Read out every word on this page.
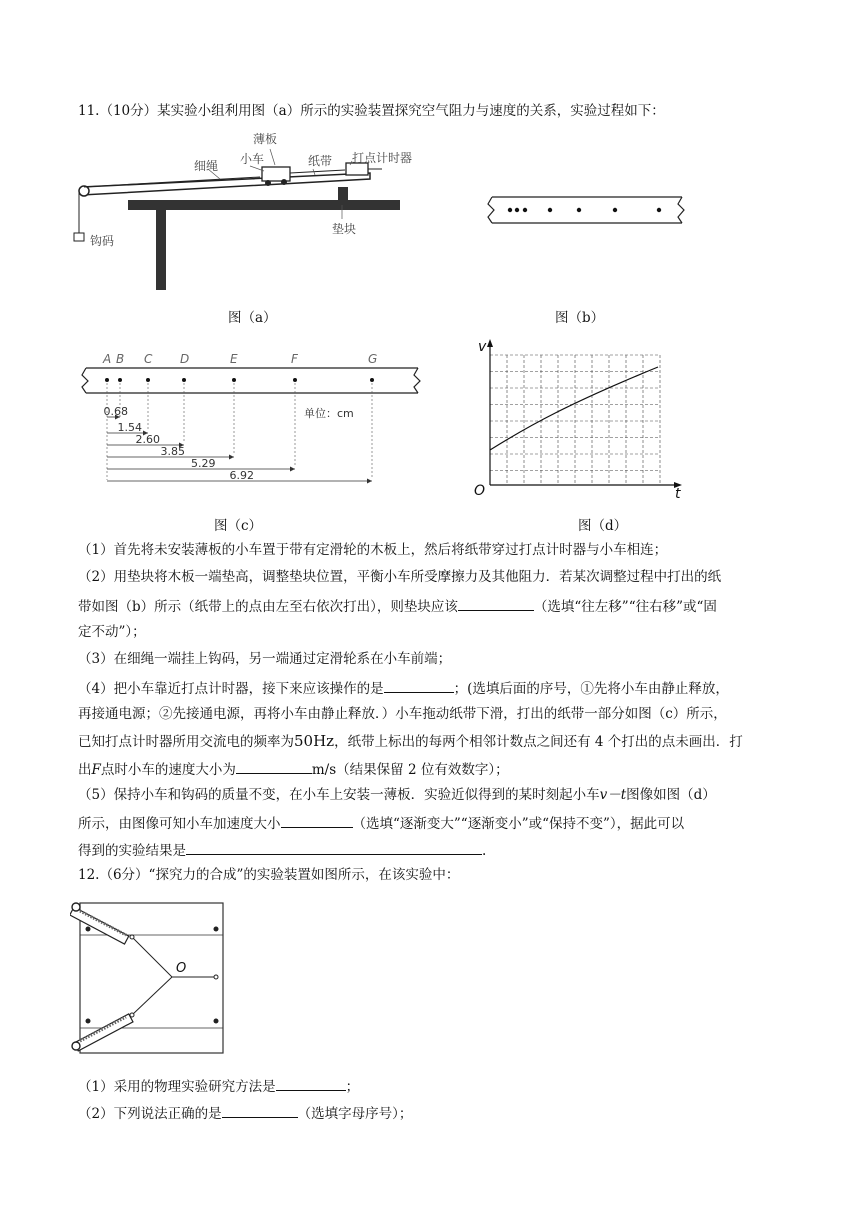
11.（10分）某实验小组利用图（a）所示的实验装置探究空气阻力与速度的关系，实验过程如下：
薄板
小车
细绳	纸带 打点计时器
钩码
垫块
图（a）	图（b）
A B C D	E	F	G
0.68
1.54
2.60
3.85
5.29
6.92
单位：cm
图（c）
v
t
O
图（d）
（1）首先将未安装薄板的小车置于带有定滑轮的木板上，然后将纸带穿过打点计时器与小车相连；
（2）用垫块将木板一端垫高，调整垫块位置，平衡小车所受摩擦力及其他阻力．若某次调整过程中打出的纸
带如图（b）所示（纸带上的点由左至右依次打出），则垫块应该	（选填“往左移”“往右移”或“固
定不动”）；
（3）在细绳一端挂上钩码，另一端通过定滑轮系在小车前端；
（4）把小车靠近打点计时器，接下来应该操作的是	；(选填后面的序号，①先将小车由静止释放，
再接通电源；②先接通电源，再将小车由静止释放．）小车拖动纸带下滑，打出的纸带一部分如图（c）所示，
已知打点计时器所用交流电的频率为50Hz，纸带上标出的每两个相邻计数点之间还有 4 个打出的点未画出．打
出F点时小车的速度大小为	m/s（结果保留 2 位有效数字）；
（5）保持小车和钩码的质量不变，在小车上安装一薄板．实验近似得到的某时刻起小车v－t图像如图（d）
所示，由图像可知小车加速度大小	（选填“逐渐变大”“逐渐变小”或“保持不变”），据此可以
得到的实验结果是	.
12.（6分）“探究力的合成”的实验装置如图所示，在该实验中：
O
（1）采用的物理实验研究方法是	；
（2）下列说法正确的是	（选填字母序号）；
